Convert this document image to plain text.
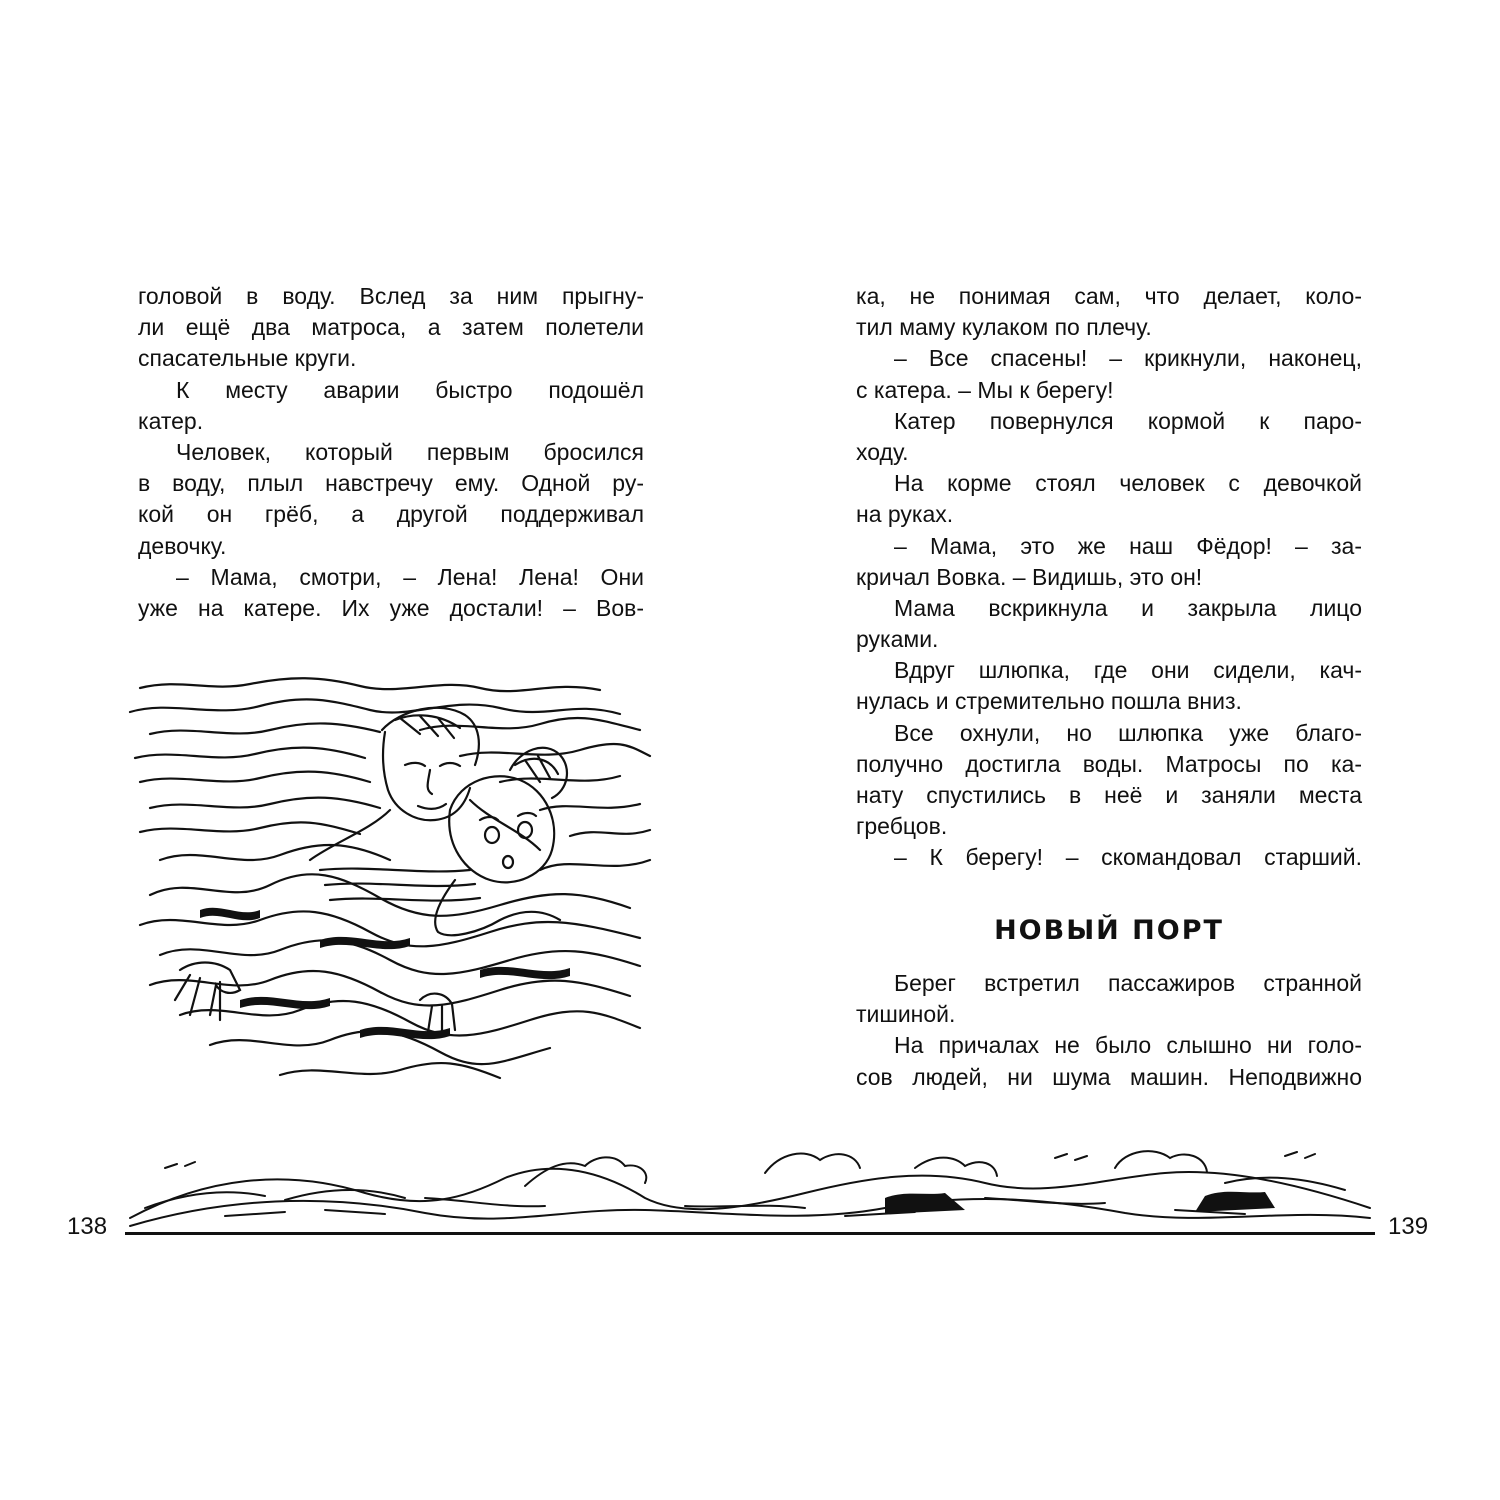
головой в воду. Вслед за ним прыгну-
ли ещё два матроса, а затем полетели
спасательные круги.
К месту аварии быстро подошёл
катер.
Человек, который первым бросился
в воду, плыл навстречу ему. Одной ру-
кой он грёб, а другой поддерживал
девочку.
– Мама, смотри, – Лена! Лена! Они
уже на катере. Их уже достали! – Вов-
ка, не понимая сам, что делает, коло-
тил маму кулаком по плечу.
– Все спасены! – крикнули, наконец,
с катера. – Мы к берегу!
Катер повернулся кормой к паро-
ходу.
На корме стоял человек с девочкой
на руках.
– Мама, это же наш Фёдор! – за-
кричал Вовка. – Видишь, это он!
Мама вскрикнула и закрыла лицо
руками.
Вдруг шлюпка, где они сидели, кач-
нулась и стремительно пошла вниз.
Все охнули, но шлюпка уже благо-
получно достигла воды. Матросы по ка-
нату спустились в неё и заняли места
гребцов.
– К берегу! – скомандовал старший.
НОВЫЙ ПОРТ
Берег встретил пассажиров странной
тишиной.
На причалах не было слышно ни голо-
сов людей, ни шума машин. Неподвижно
138	139
